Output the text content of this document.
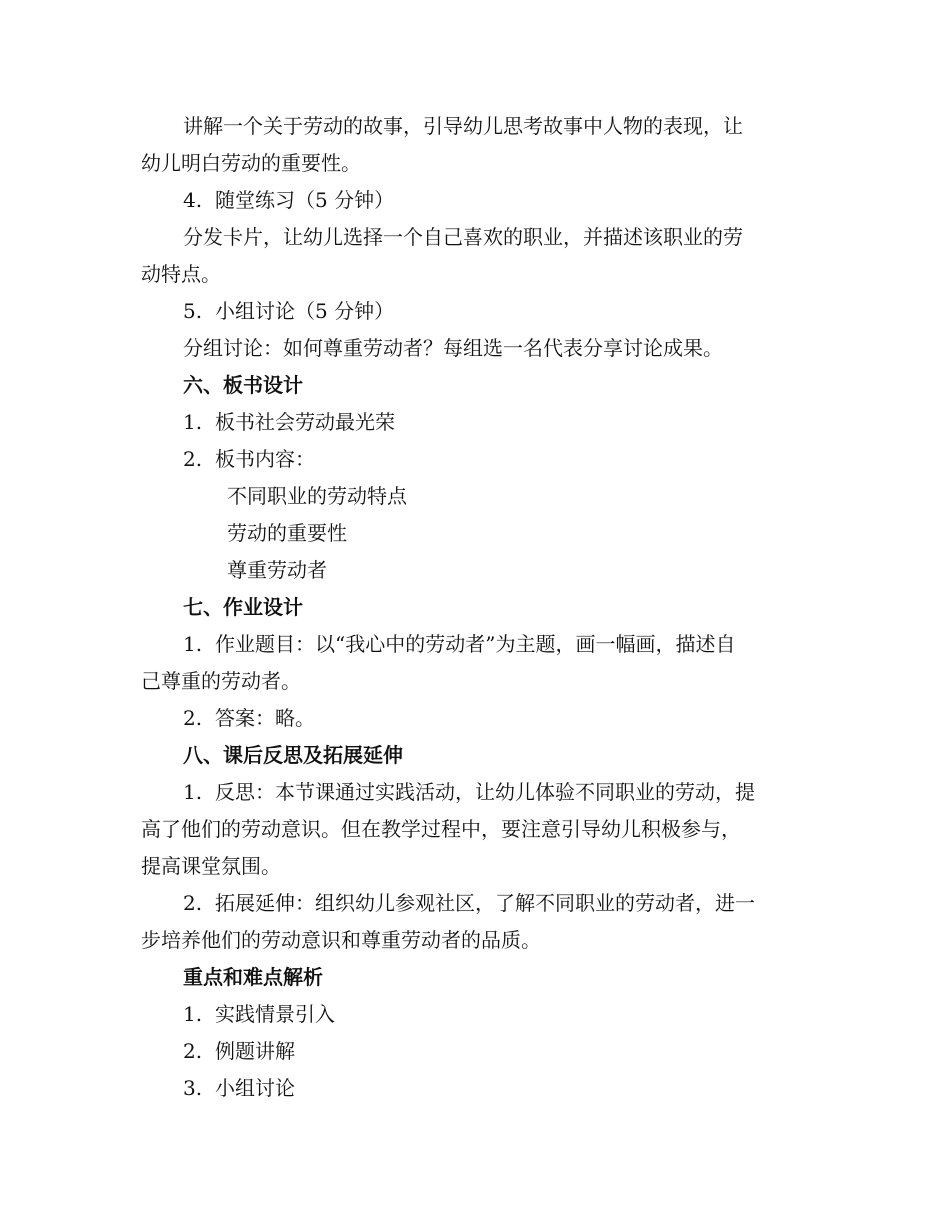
讲解一个关于劳动的故事，引导幼儿思考故事中人物的表现，让
幼儿明白劳动的重要性。
4. 随堂练习（5 分钟）
分发卡片，让幼儿选择一个自己喜欢的职业，并描述该职业的劳
动特点。
5. 小组讨论（5 分钟）
分组讨论：如何尊重劳动者？每组选一名代表分享讨论成果。
六、板书设计
1. 板书社会劳动最光荣
2. 板书内容：
不同职业的劳动特点
劳动的重要性
尊重劳动者
七、作业设计
1. 作业题目：以“我心中的劳动者”为主题，画一幅画，描述自
己尊重的劳动者。
2. 答案：略。
八、课后反思及拓展延伸
1. 反思：本节课通过实践活动，让幼儿体验不同职业的劳动，提
高了他们的劳动意识。但在教学过程中，要注意引导幼儿积极参与，
提高课堂氛围。
2. 拓展延伸：组织幼儿参观社区，了解不同职业的劳动者，进一
步培养他们的劳动意识和尊重劳动者的品质。
重点和难点解析
1. 实践情景引入
2. 例题讲解
3. 小组讨论
